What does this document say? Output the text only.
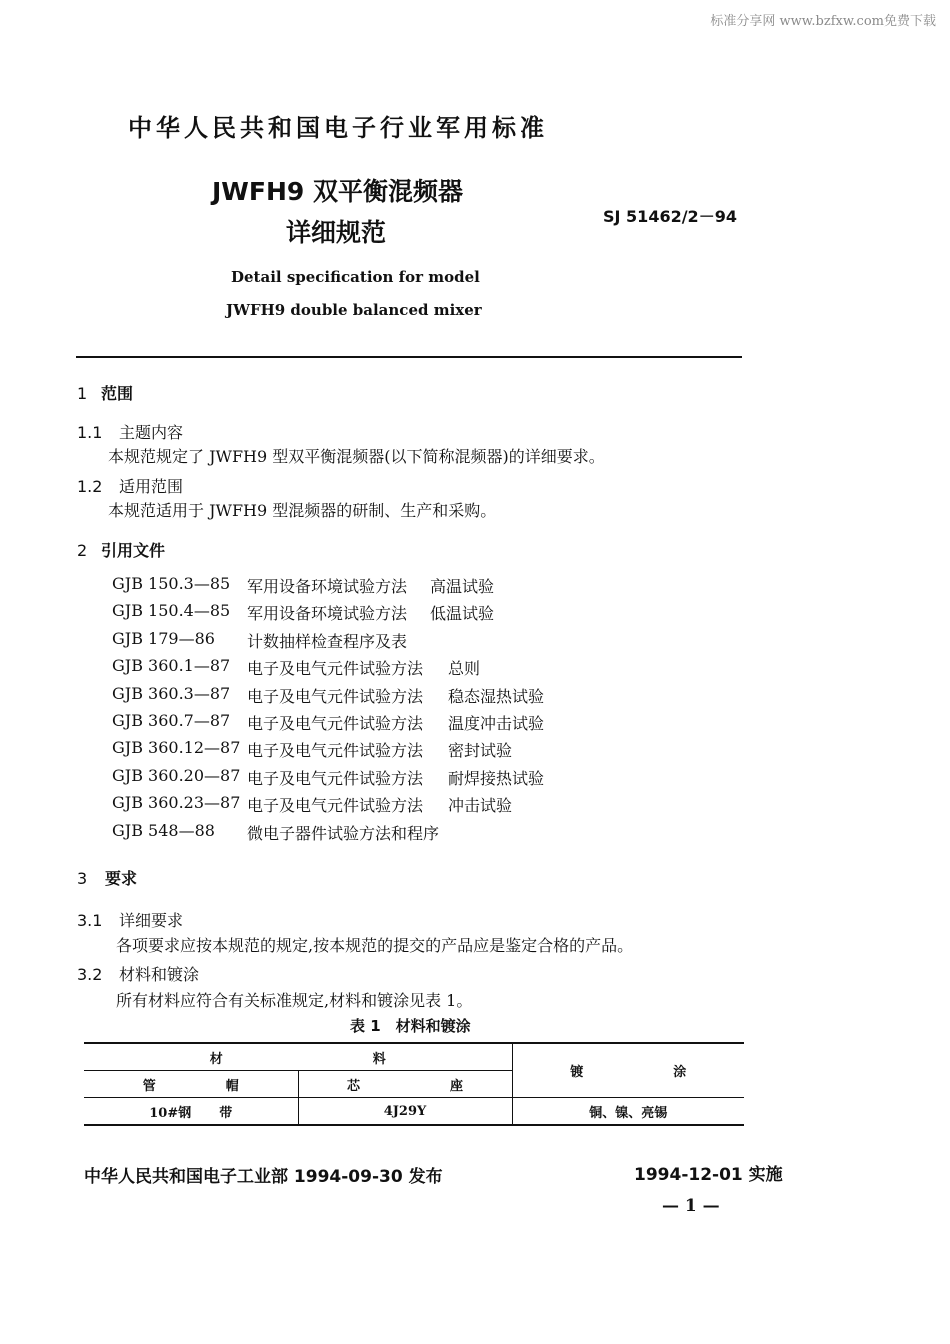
标准分享网 www.bzfxw.com免费下载
中华人民共和国电子行业军用标准
JWFH9 双平衡混频器
详细规范
SJ 51462/2－94
Detail specification for model
JWFH9 double balanced mixer
1 范围
1.1 主题内容
本规范规定了 JWFH9 型双平衡混频器(以下简称混频器)的详细要求。
1.2 适用范围
本规范适用于 JWFH9 型混频器的研制、生产和采购。
2 引用文件
GJB 150.3—85 军用设备环境试验方法 高温试验
GJB 150.4—85 军用设备环境试验方法 低温试验
GJB 179—86 计数抽样检查程序及表
GJB 360.1—87 电子及电气元件试验方法 总则
GJB 360.3—87 电子及电气元件试验方法 稳态湿热试验
GJB 360.7—87 电子及电气元件试验方法 温度冲击试验
GJB 360.12—87 电子及电气元件试验方法 密封试验
GJB 360.20—87 电子及电气元件试验方法 耐焊接热试验
GJB 360.23—87 电子及电气元件试验方法 冲击试验
GJB 548—88 微电子器件试验方法和程序
3 要求
3.1 详细要求
各项要求应按本规范的规定,按本规范的提交的产品应是鉴定合格的产品。
3.2 材料和镀涂
所有材料应符合有关标准规定,材料和镀涂见表 1。
表 1　材料和镀涂
材 料		镀 涂
管 帽	芯 座	
10#钢 带	4J29Y	铜、镍、亮锡
中华人民共和国电子工业部 1994-09-30 发布	1994-12-01 实施
— 1 —
